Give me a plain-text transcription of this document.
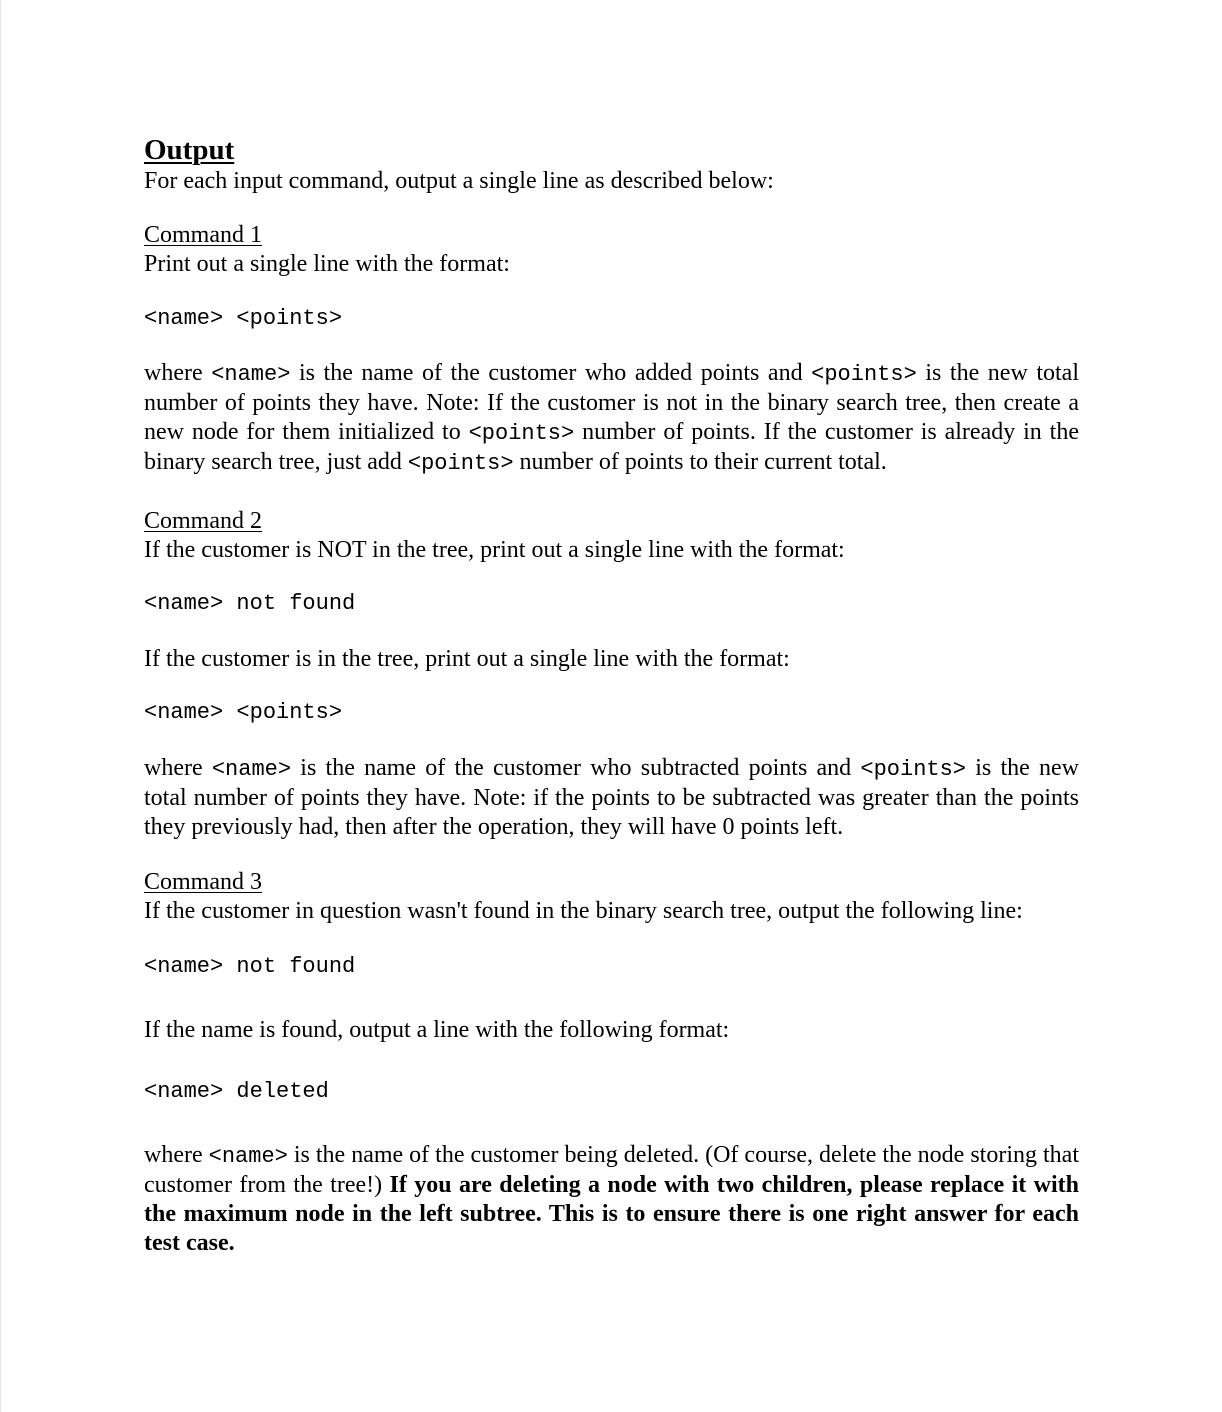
Output

For each input command, output a single line as described below:

Command 1

Print out a single line with the format:

<name> <points>

where <name> is the name of the customer who added points and <points> is the new total number of points they have. Note: If the customer is not in the binary search tree, then create a new node for them initialized to <points> number of points. If the customer is already in the binary search tree, just add <points> number of points to their current total.

Command 2

If the customer is NOT in the tree, print out a single line with the format:

<name> not found

If the customer is in the tree, print out a single line with the format:

<name> <points>

where <name> is the name of the customer who subtracted points and <points> is the new total number of points they have. Note: if the points to be subtracted was greater than the points they previously had, then after the operation, they will have 0 points left.

Command 3

If the customer in question wasn't found in the binary search tree, output the following line:

<name> not found

If the name is found, output a line with the following format:

<name> deleted

where <name> is the name of the customer being deleted. (Of course, delete the node storing that customer from the tree!) If you are deleting a node with two children, please replace it with the maximum node in the left subtree. This is to ensure there is one right answer for each test case.
